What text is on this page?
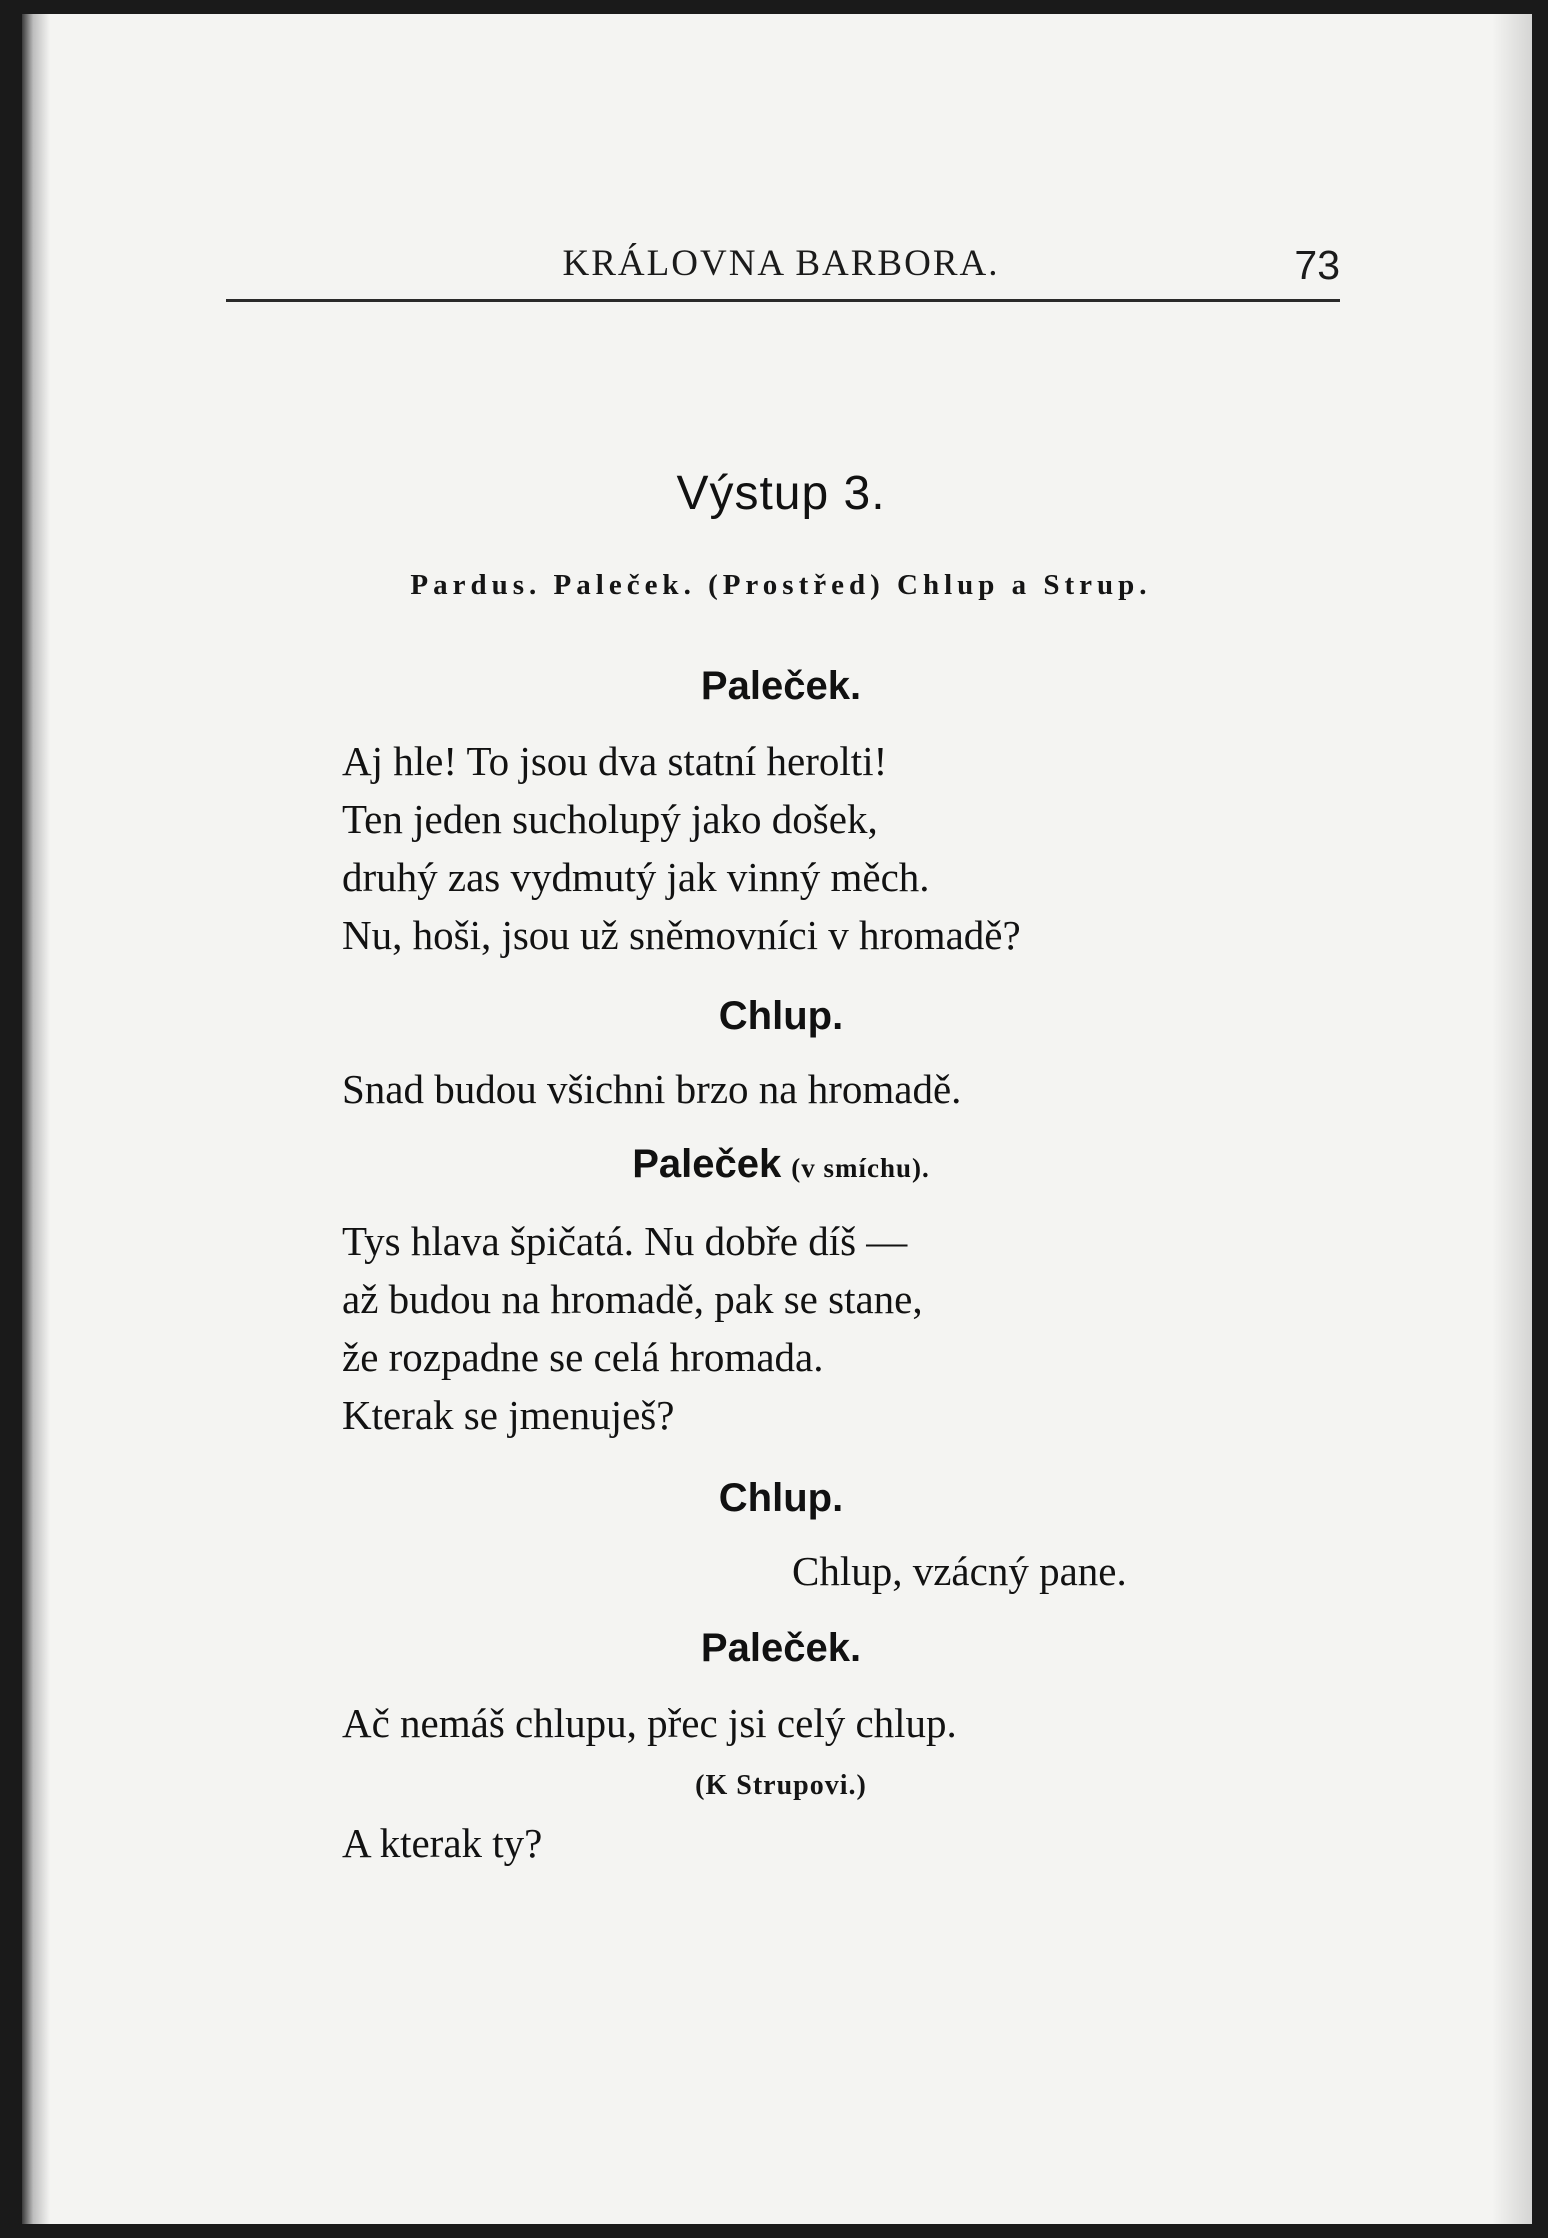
KRÁLOVNA BARBORA.	73
Výstup 3.
Pardus. Paleček. (Prostřed) Chlup a Strup.
Paleček.
Aj hle! To jsou dva statní herolti!
Ten jeden sucholupý jako došek,
druhý zas vydmutý jak vinný měch.
Nu, hoši, jsou už sněmovníci v hromadě?
Chlup.
Snad budou všichni brzo na hromadě.
Paleček (v smíchu).
Tys hlava špičatá. Nu dobře díš —
až budou na hromadě, pak se stane,
že rozpadne se celá hromada.
Kterak se jmenuješ?
Chlup.
Chlup, vzácný pane.
Paleček.
Ač nemáš chlupu, přec jsi celý chlup.
(K Strupovi.)
A kterak ty?
